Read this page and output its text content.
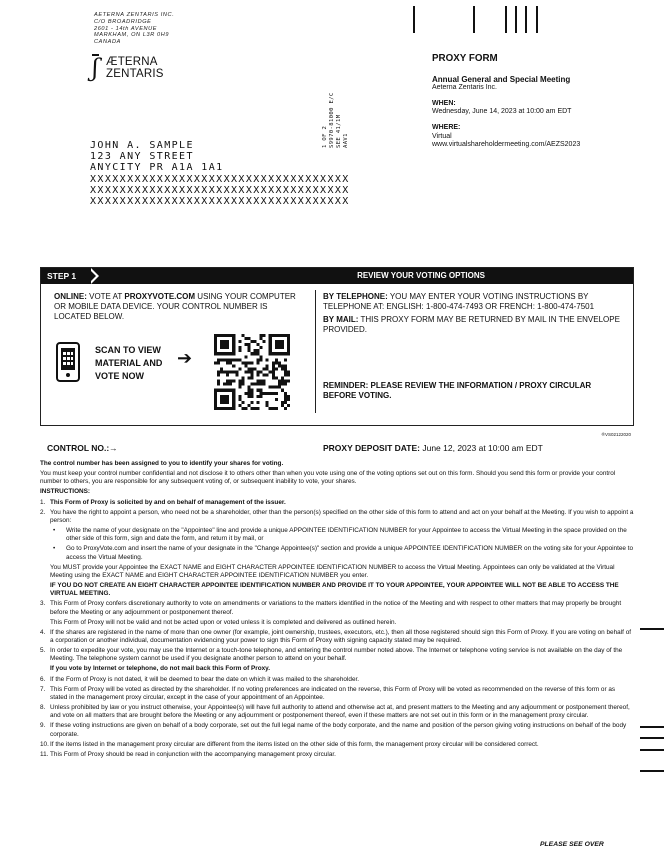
AETERNA ZENTARIS INC.
C/O BROADRIDGE
2601 - 14th AVENUE
MARKHAM, ON L3R 0H9
CANADA
ʃ ÆTERNA
ZENTARIS
1 OF 2 S9970-81000 E/C SEE 41/1M AAV1
JOHN A. SAMPLE
123 ANY STREET
ANYCITY PR A1A 1A1
XXXXXXXXXXXXXXXXXXXXXXXXXXXXXXXXXXX
XXXXXXXXXXXXXXXXXXXXXXXXXXXXXXXXXXX
XXXXXXXXXXXXXXXXXXXXXXXXXXXXXXXXXXX
PROXY FORM
Annual General and Special Meeting
Aeterna Zentaris Inc.
WHEN:
Wednesday, June 14, 2023 at 10:00 am EDT
WHERE:
Virtual
www.virtualshareholdermeeting.com/AEZS2023
STEP 1	REVIEW YOUR VOTING OPTIONS
ONLINE: VOTE AT PROXYVOTE.COM USING YOUR COMPUTER OR MOBILE DATA DEVICE. YOUR CONTROL NUMBER IS LOCATED BELOW.
SCAN TO VIEW
MATERIAL AND
VOTE NOW
➔
BY TELEPHONE: YOU MAY ENTER YOUR VOTING INSTRUCTIONS BY TELEPHONE AT: ENGLISH: 1-800-474-7493 OR FRENCH: 1-800-474-7501
BY MAIL: THIS PROXY FORM MAY BE RETURNED BY MAIL IN THE ENVELOPE PROVIDED.
REMINDER: PLEASE REVIEW THE INFORMATION / PROXY CIRCULAR BEFORE VOTING.
®VS02122020
CONTROL NO.:→	PROXY DEPOSIT DATE: June 12, 2023 at 10:00 am EDT

The control number has been assigned to you to identify your shares for voting.

You must keep your control number confidential and not disclose it to others other than when you vote using one of the voting options set out on this form. Should you send this form or provide your control number to others, you are responsible for any subsequent voting of, or subsequent inability to vote, your shares.

INSTRUCTIONS:

1. This Form of Proxy is solicited by and on behalf of management of the issuer.
2. You have the right to appoint a person, who need not be a shareholder, other than the person(s) specified on the other side of this form to attend and act on your behalf at the Meeting. If you wish to appoint a person:
• Write the name of your designate on the "Appointee" line and provide a unique APPOINTEE IDENTIFICATION NUMBER for your Appointee to access the Virtual Meeting in the space provided on the other side of this form, sign and date the form, and return it by mail, or
• Go to ProxyVote.com and insert the name of your designate in the "Change Appointee(s)" section and provide a unique APPOINTEE IDENTIFICATION NUMBER on the voting site for your Appointee to access the Virtual Meeting.
You MUST provide your Appointee the EXACT NAME and EIGHT CHARACTER APPOINTEE IDENTIFICATION NUMBER to access the Virtual Meeting. Appointees can only be validated at the Virtual Meeting using the EXACT NAME and EIGHT CHARACTER APPOINTEE IDENTIFICATION NUMBER you enter.
IF YOU DO NOT CREATE AN EIGHT CHARACTER APPOINTEE IDENTIFICATION NUMBER AND PROVIDE IT TO YOUR APPOINTEE, YOUR APPOINTEE WILL NOT BE ABLE TO ACCESS THE VIRTUAL MEETING.
3. This Form of Proxy confers discretionary authority to vote on amendments or variations to the matters identified in the notice of the Meeting and with respect to other matters that may properly be brought before the Meeting or any adjournment or postponement thereof.
This Form of Proxy will not be valid and not be acted upon or voted unless it is completed and delivered as outlined herein.
4. If the shares are registered in the name of more than one owner (for example, joint ownership, trustees, executors, etc.), then all those registered should sign this Form of Proxy. If you are voting on behalf of a corporation or another individual, documentation evidencing your power to sign this Form of Proxy with signing capacity stated may be required.
5. In order to expedite your vote, you may use the Internet or a touch-tone telephone, and entering the control number noted above. The Internet or telephone voting service is not available on the day of the Meeting. The telephone system cannot be used if you designate another person to attend on your behalf.
If you vote by Internet or telephone, do not mail back this Form of Proxy.
6. If the Form of Proxy is not dated, it will be deemed to bear the date on which it was mailed to the shareholder.
7. This Form of Proxy will be voted as directed by the shareholder. If no voting preferences are indicated on the reverse, this Form of Proxy will be voted as recommended on the reverse of this form or as stated in the management proxy circular, except in the case of your appointment of an Appointee.
8. Unless prohibited by law or you instruct otherwise, your Appointee(s) will have full authority to attend and otherwise act at, and present matters to the Meeting and any adjournment or postponement thereof, and vote on all matters that are brought before the Meeting or any adjournment or postponement thereof, even if these matters are not set out in this form or in the management proxy circular.
9. If these voting instructions are given on behalf of a body corporate, set out the full legal name of the body corporate, and the name and position of the person giving voting instructions on behalf of the body corporate.
10. If the items listed in the management proxy circular are different from the items listed on the other side of this form, the management proxy circular will be considered correct.
11. This Form of Proxy should be read in conjunction with the accompanying management proxy circular.
PLEASE SEE OVER
